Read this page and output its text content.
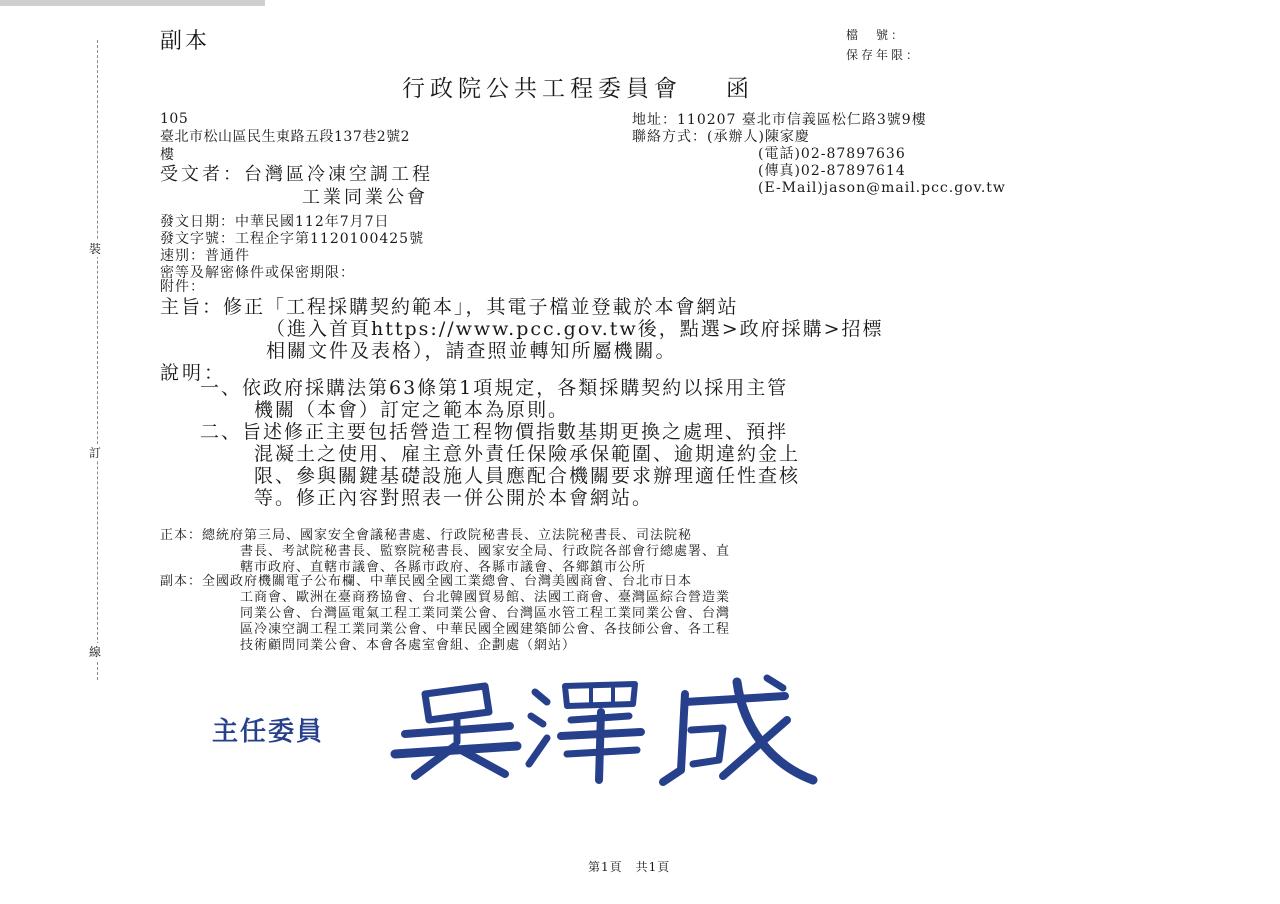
副本	檔　號：
保存年限：
行政院公共工程委員會 函
105
臺北市松山區民生東路五段137巷2號2
樓
地址：110207 臺北市信義區松仁路3號9樓
聯絡方式：(承辦人)陳家慶
(電話)02-87897636
(傳真)02-87897614
(E-Mail)jason@mail.pcc.gov.tw
受文者：台灣區冷凍空調工程
工業同業公會
發文日期：中華民國112年7月7日
發文字號：工程企字第1120100425號
速別：普通件
密等及解密條件或保密期限：
附件：
裝
訂
線
主旨：修正「工程採購契約範本」，其電子檔並登載於本會網站
（進入首頁https://www.pcc.gov.tw後，點選>政府採購>招標
相關文件及表格），請查照並轉知所屬機關。
說明：
一、依政府採購法第63條第1項規定，各類採購契約以採用主管
機關（本會）訂定之範本為原則。
二、旨述修正主要包括營造工程物價指數基期更換之處理、預拌
混凝土之使用、雇主意外責任保險承保範圍、逾期違約金上
限、參與關鍵基礎設施人員應配合機關要求辦理適任性查核
等。修正內容對照表一併公開於本會網站。
正本：總統府第三局、國家安全會議秘書處、行政院秘書長、立法院秘書長、司法院秘
書長、考試院秘書長、監察院秘書長、國家安全局、行政院各部會行總處署、直
轄市政府、直轄市議會、各縣市政府、各縣市議會、各鄉鎮市公所
副本：全國政府機關電子公布欄、中華民國全國工業總會、台灣美國商會、台北市日本
工商會、歐洲在臺商務協會、台北韓國貿易館、法國工商會、臺灣區綜合營造業
同業公會、台灣區電氣工程工業同業公會、台灣區水管工程工業同業公會、台灣
區冷凍空調工程工業同業公會、中華民國全國建築師公會、各技師公會、各工程
技術顧問同業公會、本會各處室會組、企劃處（網站）
主任委員
第1頁　共1頁
